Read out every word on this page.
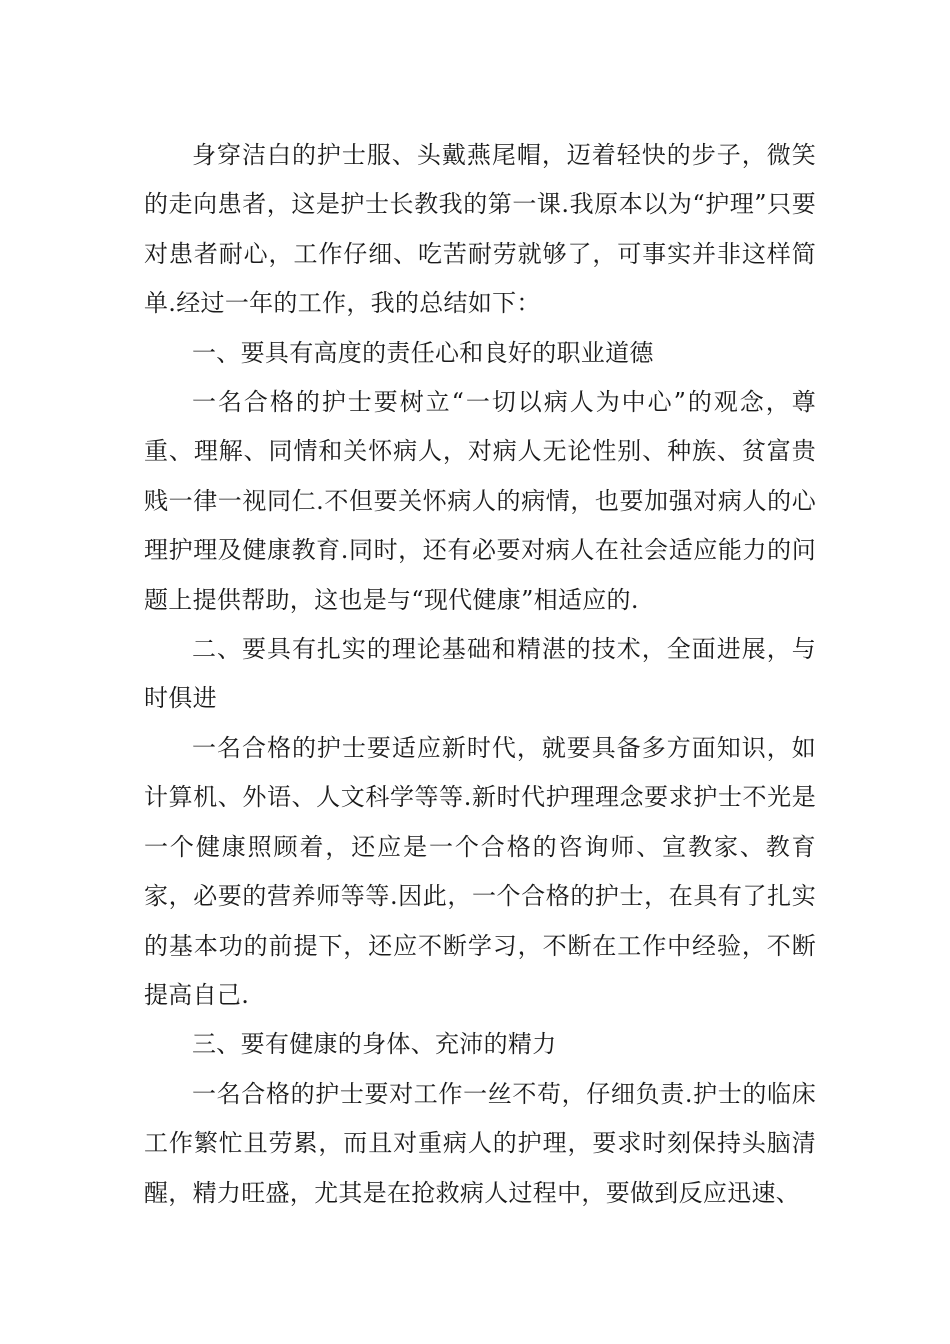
身穿洁白的护士服、头戴燕尾帽，迈着轻快的步子，微笑的走向患者，这是护士长教我的第一课.我原本以为“护理”只要对患者耐心，工作仔细、吃苦耐劳就够了，可事实并非这样简单.经过一年的工作，我的总结如下：

一、要具有高度的责任心和良好的职业道德

一名合格的护士要树立“一切以病人为中心”的观念，尊重、理解、同情和关怀病人，对病人无论性别、种族、贫富贵贱一律一视同仁.不但要关怀病人的病情，也要加强对病人的心理护理及健康教育.同时，还有必要对病人在社会适应能力的问题上提供帮助，这也是与“现代健康”相适应的.

二、要具有扎实的理论基础和精湛的技术，全面进展，与时俱进

一名合格的护士要适应新时代，就要具备多方面知识，如计算机、外语、人文科学等等.新时代护理理念要求护士不光是一个健康照顾着，还应是一个合格的咨询师、宣教家、教育家，必要的营养师等等.因此，一个合格的护士，在具有了扎实的基本功的前提下，还应不断学习，不断在工作中经验，不断提高自己.

三、要有健康的身体、充沛的精力

一名合格的护士要对工作一丝不苟，仔细负责.护士的临床工作繁忙且劳累，而且对重病人的护理，要求时刻保持头脑清醒，精力旺盛，尤其是在抢救病人过程中，要做到反应迅速、
